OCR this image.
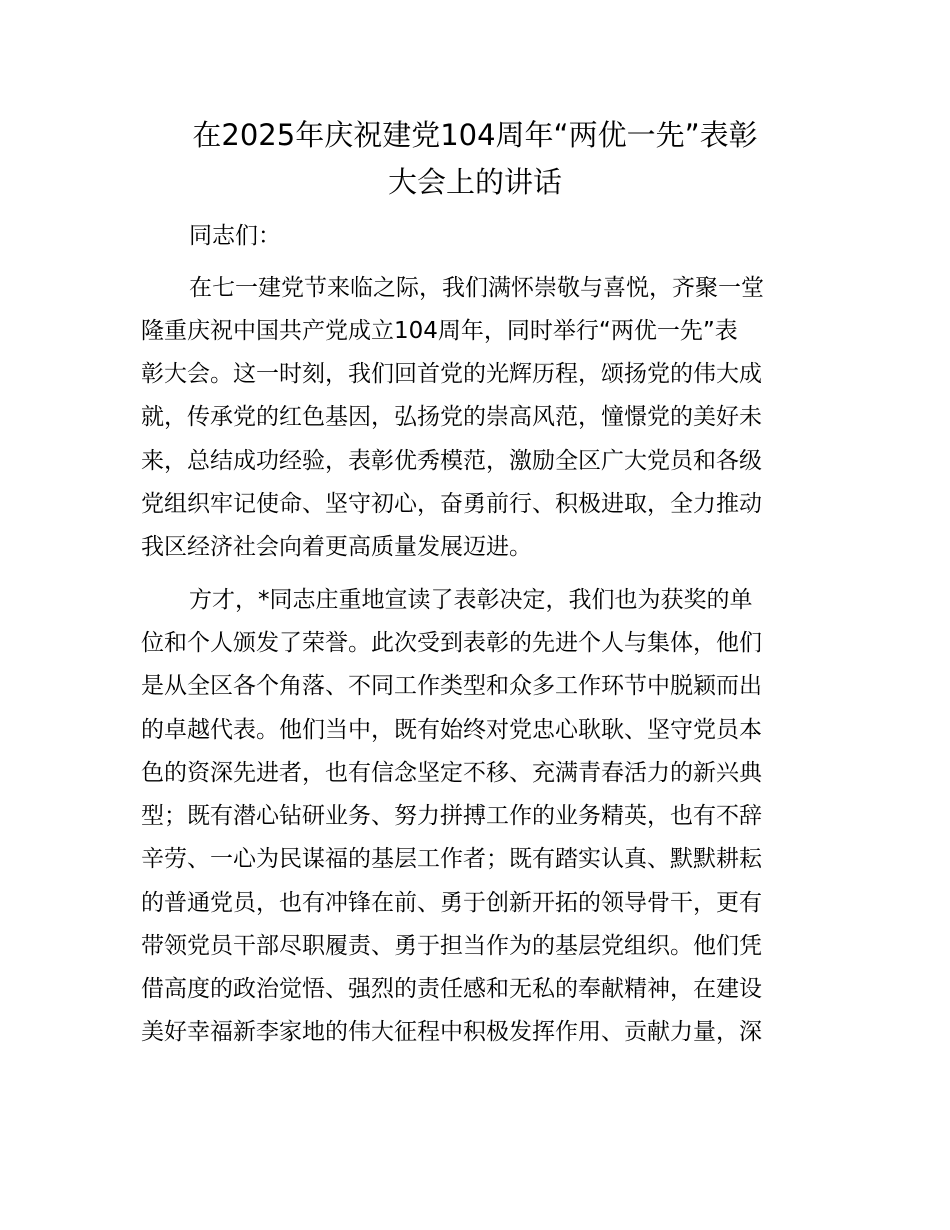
在2025年庆祝建党104周年“两优一先”表彰
大会上的讲话

同志们：

在七一建党节来临之际，我们满怀崇敬与喜悦，齐聚一堂

隆重庆祝中国共产党成立104周年，同时举行“两优一先”表

彰大会。这一时刻，我们回首党的光辉历程，颂扬党的伟大成

就，传承党的红色基因，弘扬党的崇高风范，憧憬党的美好未

来，总结成功经验，表彰优秀模范，激励全区广大党员和各级

党组织牢记使命、坚守初心，奋勇前行、积极进取，全力推动

我区经济社会向着更高质量发展迈进。

方才，*同志庄重地宣读了表彰决定，我们也为获奖的单

位和个人颁发了荣誉。此次受到表彰的先进个人与集体，他们

是从全区各个角落、不同工作类型和众多工作环节中脱颖而出

的卓越代表。他们当中，既有始终对党忠心耿耿、坚守党员本

色的资深先进者，也有信念坚定不移、充满青春活力的新兴典

型；既有潜心钻研业务、努力拼搏工作的业务精英，也有不辞

辛劳、一心为民谋福的基层工作者；既有踏实认真、默默耕耘

的普通党员，也有冲锋在前、勇于创新开拓的领导骨干，更有

带领党员干部尽职履责、勇于担当作为的基层党组织。他们凭

借高度的政治觉悟、强烈的责任感和无私的奉献精神，在建设

美好幸福新李家地的伟大征程中积极发挥作用、贡献力量，深
